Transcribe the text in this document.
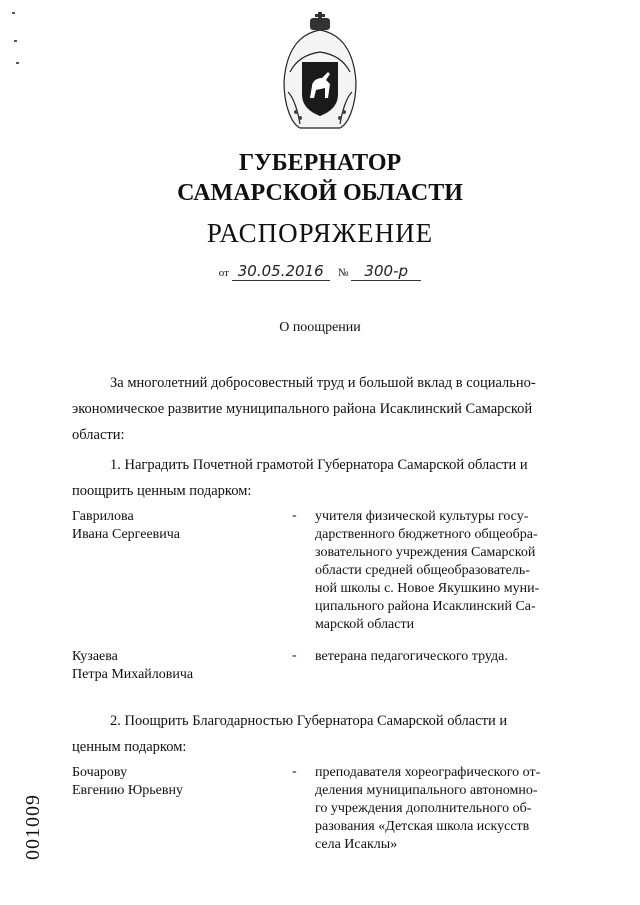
ГУБЕРНАТОР
САМАРСКОЙ ОБЛАСТИ
РАСПОРЯЖЕНИЕ
от 30.05.2016 № 300-р
О поощрении
За многолетний добросовестный труд и большой вклад в социально-
экономическое развитие муниципального района Исаклинский Самарской
области:
1. Наградить Почетной грамотой Губернатора Самарской области и
поощрить ценным подарком:
Гаврилова
Ивана Сергеевича
- учителя физической культуры госу-
дарственного бюджетного общеобра-
зовательного учреждения Самарской
области средней общеобразователь-
ной школы с. Новое Якушкино муни-
ципального района Исаклинский Са-
марской области
Кузаева
Петра Михайловича
- ветерана педагогического труда.
2. Поощрить Благодарностью Губернатора Самарской области и
ценным подарком:
Бочарову
Евгению Юрьевну
- преподавателя хореографического от-
деления муниципального автономно-
го учреждения дополнительного об-
разования «Детская школа искусств
села Исаклы»
001009
